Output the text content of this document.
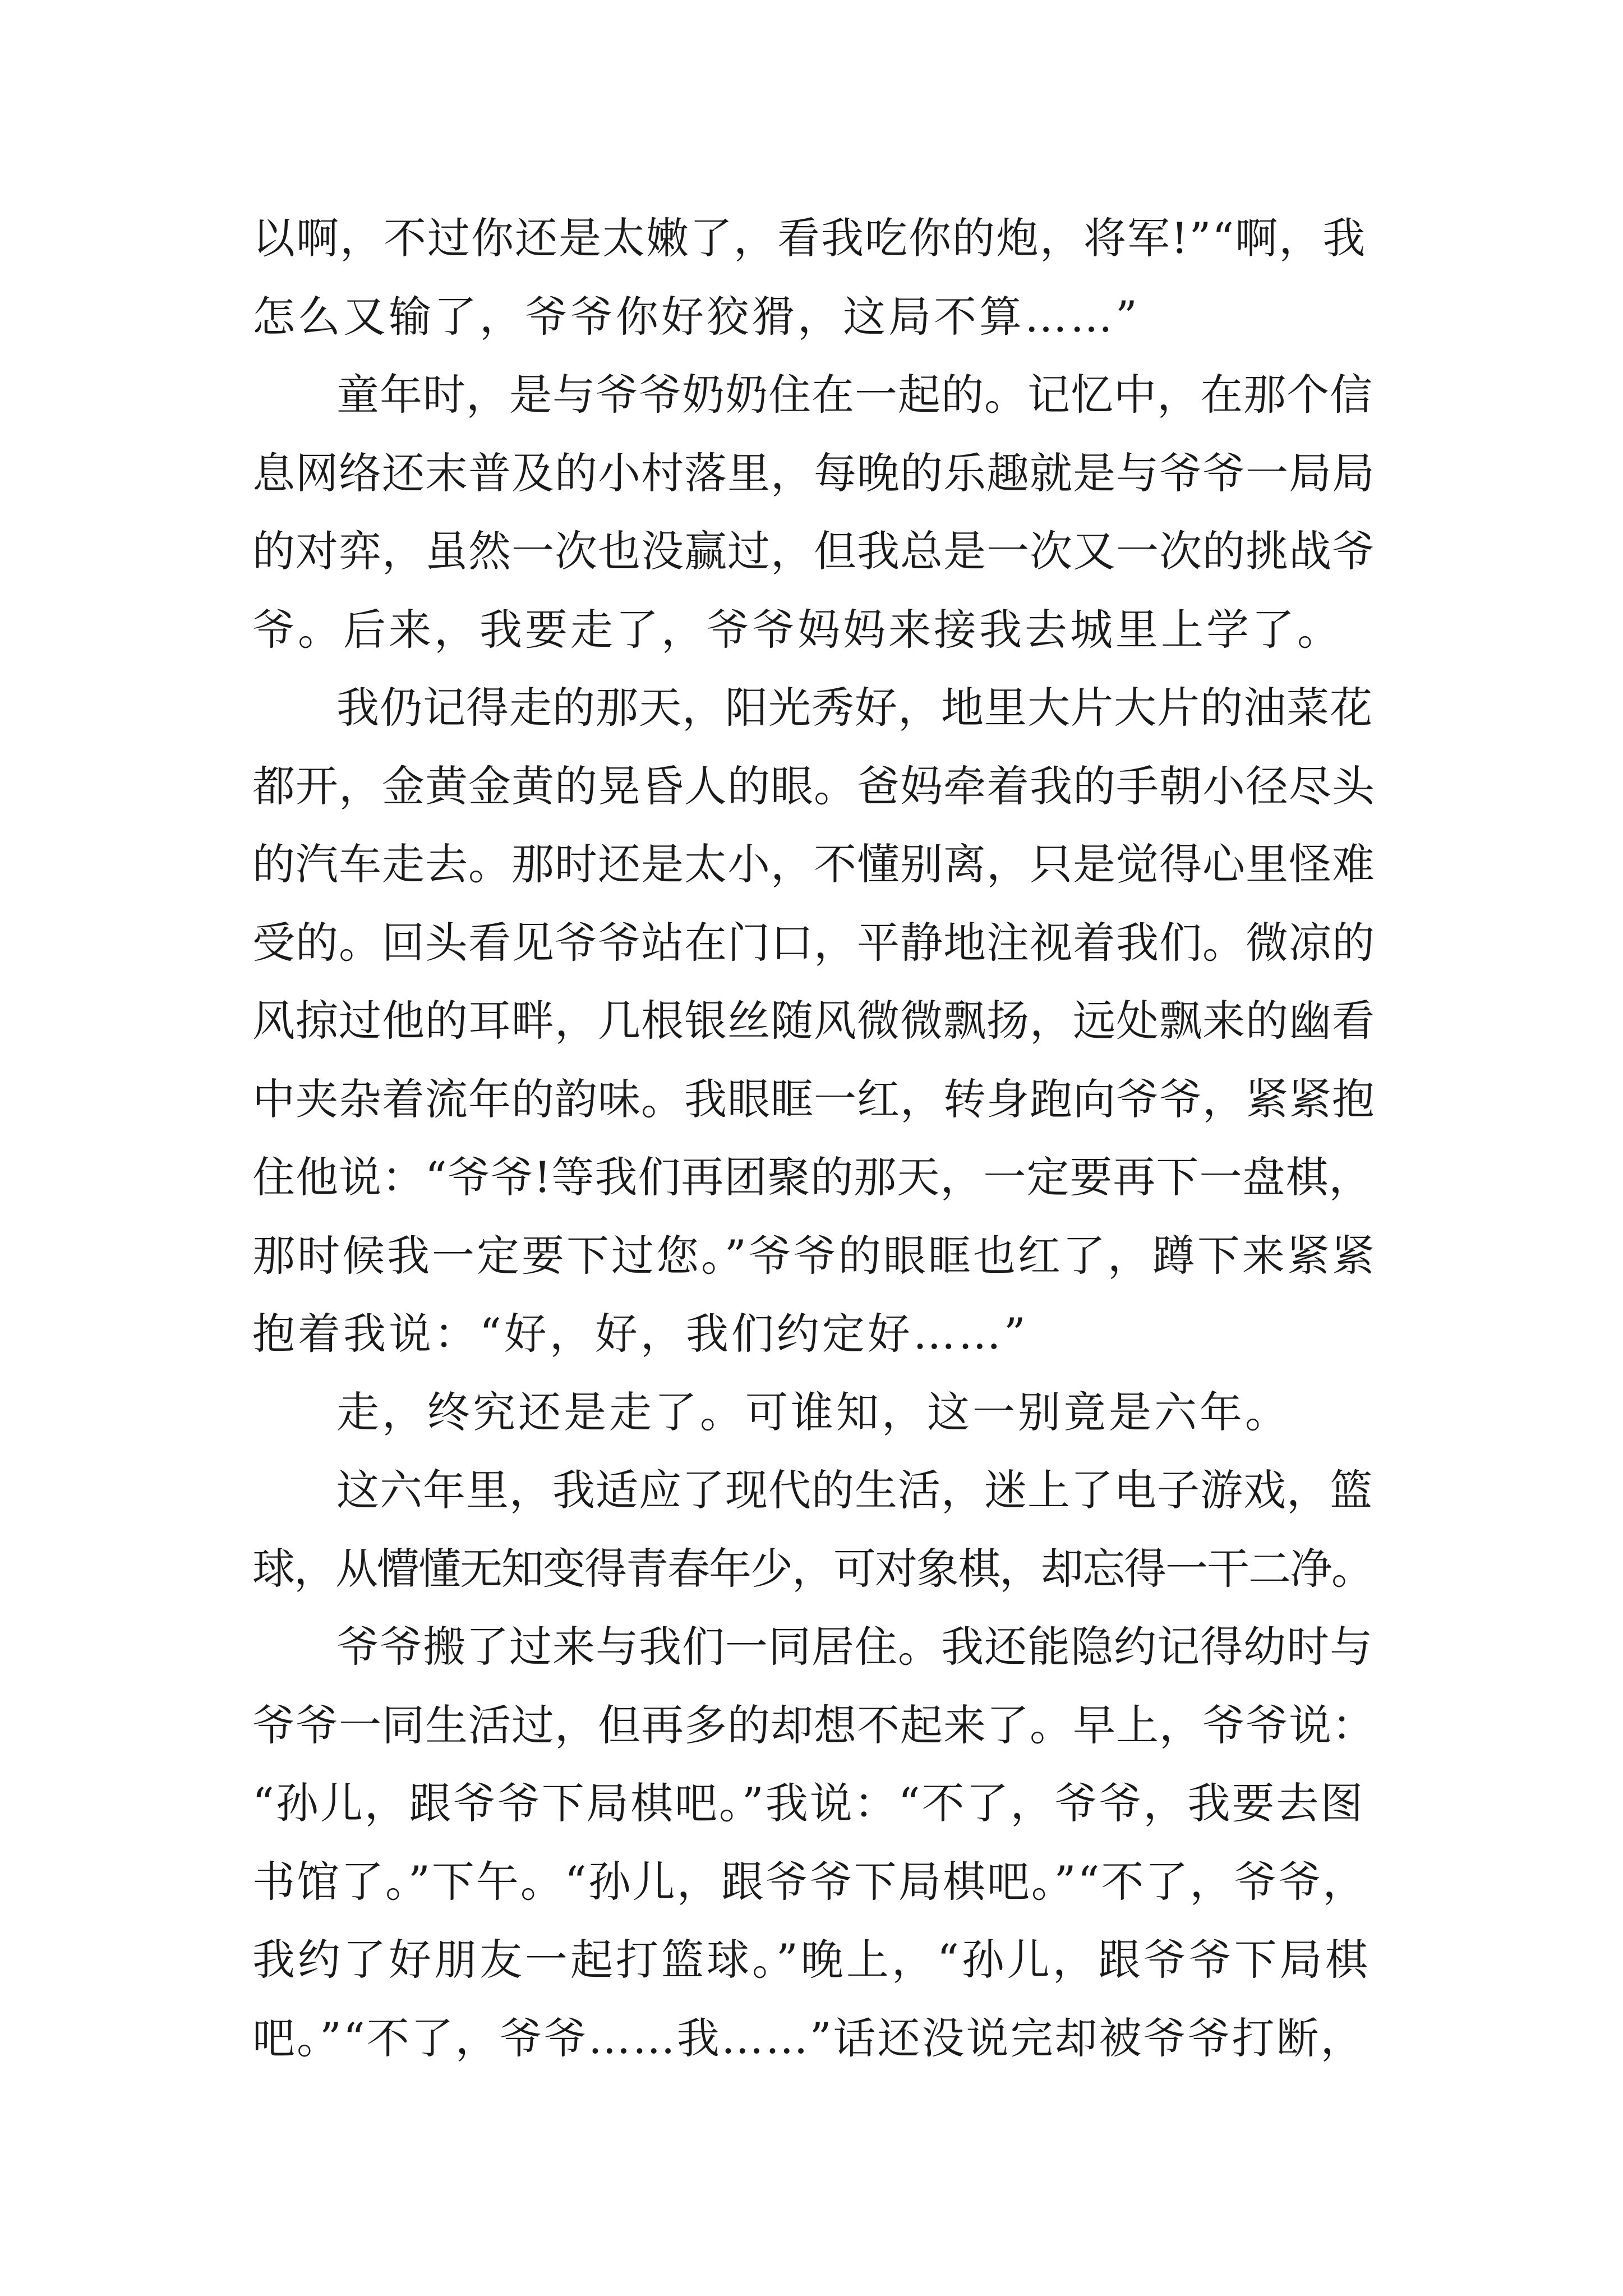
以啊，不过你还是太嫩了，看我吃你的炮，将军!”“啊，我
怎么又输了，爷爷你好狡猾，这局不算……”
童年时，是与爷爷奶奶住在一起的。记忆中，在那个信
息网络还末普及的小村落里，每晚的乐趣就是与爷爷一局局
的对弈，虽然一次也没赢过，但我总是一次又一次的挑战爷
爷。后来，我要走了，爷爷妈妈来接我去城里上学了。
我仍记得走的那天，阳光秀好，地里大片大片的油菜花
都开，金黄金黄的晃昏人的眼。爸妈牵着我的手朝小径尽头
的汽车走去。那时还是太小，不懂别离，只是觉得心里怪难
受的。回头看见爷爷站在门口，平静地注视着我们。微凉的
风掠过他的耳畔，几根银丝随风微微飘扬，远处飘来的幽看
中夹杂着流年的韵味。我眼眶一红，转身跑向爷爷，紧紧抱
住他说：“爷爷!等我们再团聚的那天，一定要再下一盘棋，
那时候我一定要下过您。”爷爷的眼眶也红了，蹲下来紧紧
抱着我说：“好，好，我们约定好……”
走，终究还是走了。可谁知，这一别竟是六年。
这六年里，我适应了现代的生活，迷上了电子游戏，篮
球，从懵懂无知变得青春年少，可对象棋，却忘得一干二净。
爷爷搬了过来与我们一同居住。我还能隐约记得幼时与
爷爷一同生活过，但再多的却想不起来了。早上，爷爷说：
“孙儿，跟爷爷下局棋吧。”我说：“不了，爷爷，我要去图
书馆了。”下午。“孙儿，跟爷爷下局棋吧。”“不了，爷爷，
我约了好朋友一起打篮球。”晚上，“孙儿，跟爷爷下局棋
吧。”“不了，爷爷……我……”话还没说完却被爷爷打断，
